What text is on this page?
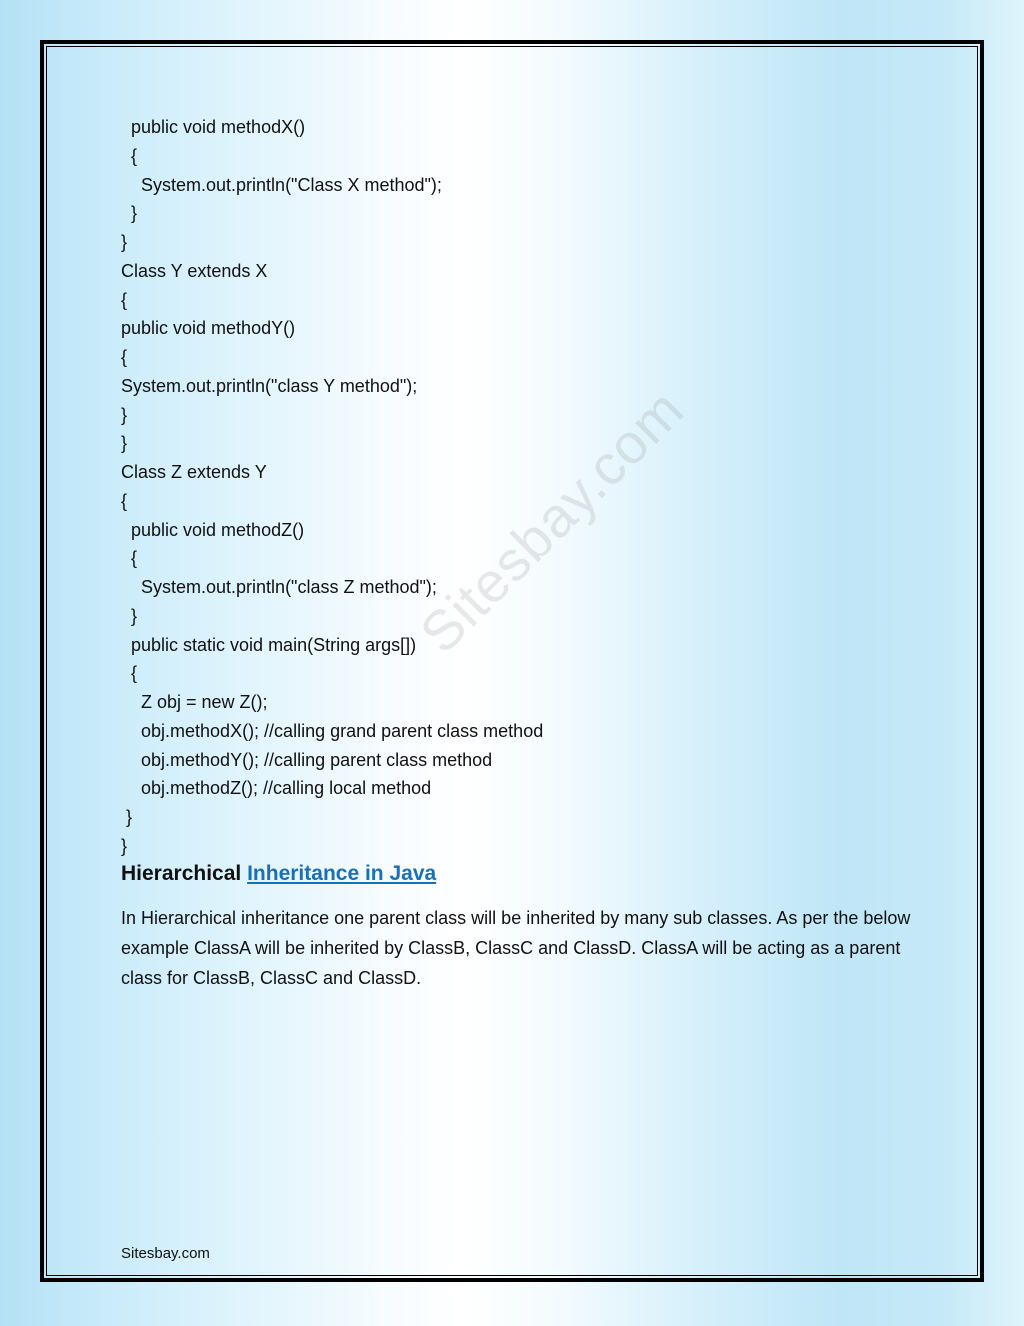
Sitesbay.com
public void methodX()
{
System.out.println("Class X method");
}
}
Class Y extends X
{
public void methodY()
{
System.out.println("class Y method");
}
}
Class Z extends Y
{
public void methodZ()
{
System.out.println("class Z method");
}
public static void main(String args[])
{
Z obj = new Z();
obj.methodX(); //calling grand parent class method
obj.methodY(); //calling parent class method
obj.methodZ(); //calling local method
}
}
Hierarchical Inheritance in Java

In Hierarchical inheritance one parent class will be inherited by many sub classes. As per the below example ClassA will be inherited by ClassB, ClassC and ClassD. ClassA will be acting as a parent class for ClassB, ClassC and ClassD.

Sitesbay.com
